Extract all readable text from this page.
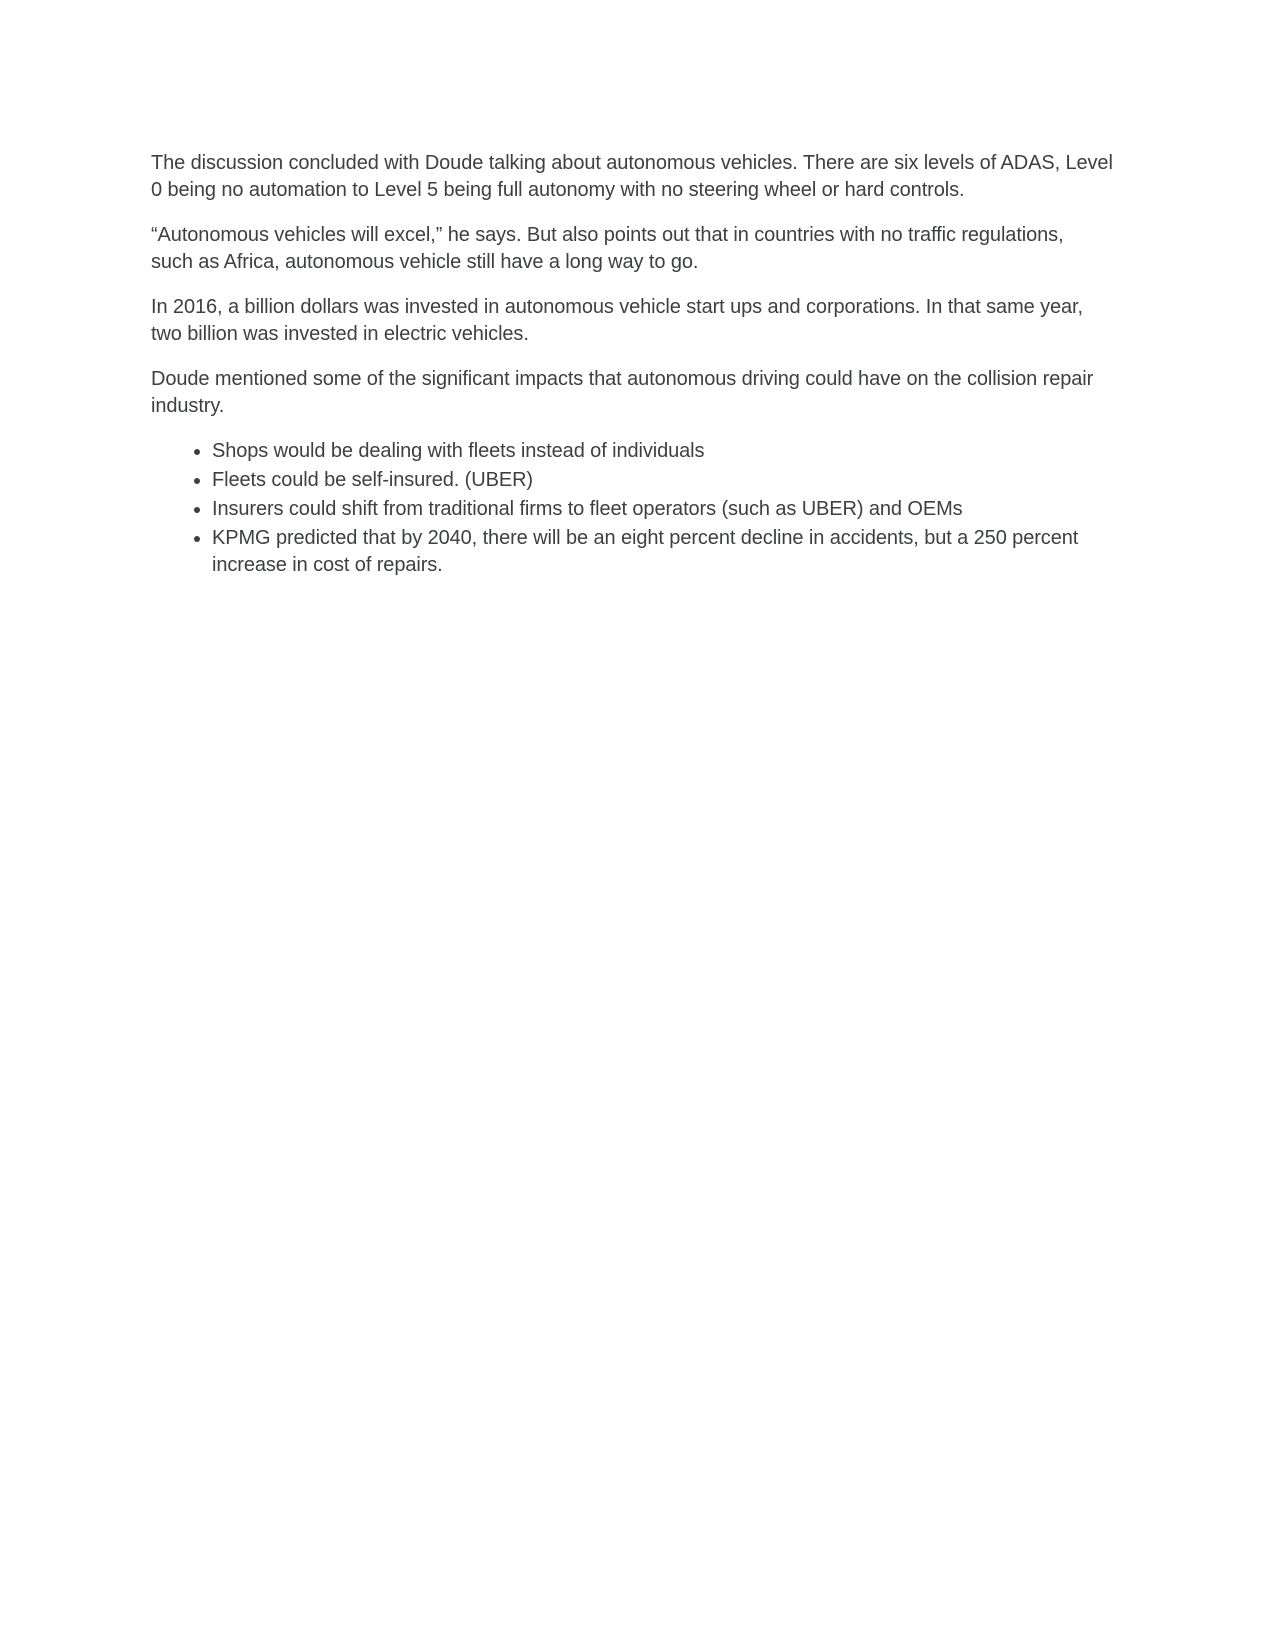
The discussion concluded with Doude talking about autonomous vehicles. There are six levels of ADAS, Level
0 being no automation to Level 5 being full autonomy with no steering wheel or hard controls.

“Autonomous vehicles will excel,” he says. But also points out that in countries with no traffic regulations,
such as Africa, autonomous vehicle still have a long way to go.

In 2016, a billion dollars was invested in autonomous vehicle start ups and corporations. In that same year,
two billion was invested in electric vehicles.

Doude mentioned some of the significant impacts that autonomous driving could have on the collision repair
industry.

• Shops would be dealing with fleets instead of individuals
• Fleets could be self-insured. (UBER)
• Insurers could shift from traditional firms to fleet operators (such as UBER) and OEMs
• KPMG predicted that by 2040, there will be an eight percent decline in accidents, but a 250 percent
increase in cost of repairs.
